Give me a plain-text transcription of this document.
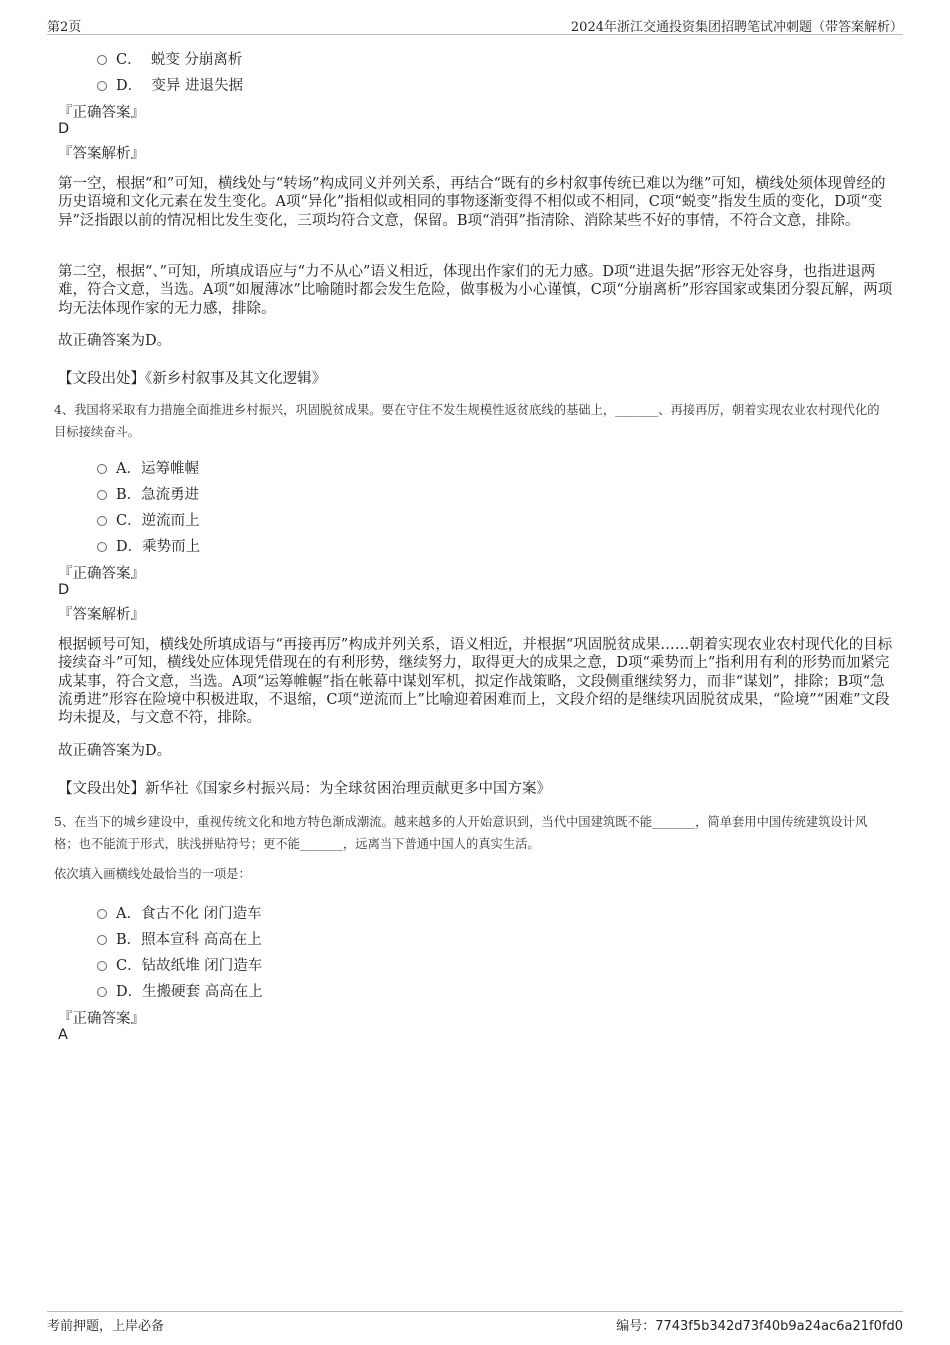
第2页	2024年浙江交通投资集团招聘笔试冲刺题（带答案解析）
C． 蜕变 分崩离析
D． 变异 进退失据
『正确答案』
D
『答案解析』
第一空，根据“和”可知，横线处与“转场”构成同义并列关系，再结合“既有的乡村叙事传统已难以为继”可知，横线处须体现曾经的历史语境和文化元素在发生变化。A项“异化”指相似或相同的事物逐渐变得不相似或不相同，C项“蜕变”指发生质的变化，D项“变异”泛指跟以前的情况相比发生变化，三项均符合文意，保留。B项“消弭”指清除、消除某些不好的事情，不符合文意，排除。
第二空，根据“、”可知，所填成语应与“力不从心”语义相近，体现出作家们的无力感。D项“进退失据”形容无处容身，也指进退两难，符合文意，当选。A项“如履薄冰”比喻随时都会发生危险，做事极为小心谨慎，C项“分崩离析”形容国家或集团分裂瓦解，两项均无法体现作家的无力感，排除。
故正确答案为D。
【文段出处】《新乡村叙事及其文化逻辑》
4、我国将采取有力措施全面推进乡村振兴，巩固脱贫成果。要在守住不发生规模性返贫底线的基础上，_______、再接再厉，朝着实现农业农村现代化的目标接续奋斗。
A．运筹帷幄
B．急流勇进
C．逆流而上
D．乘势而上
『正确答案』
D
『答案解析』
根据顿号可知，横线处所填成语与“再接再厉”构成并列关系，语义相近，并根据“巩固脱贫成果……朝着实现农业农村现代化的目标接续奋斗”可知，横线处应体现凭借现在的有利形势，继续努力，取得更大的成果之意，D项“乘势而上”指利用有利的形势而加紧完成某事，符合文意，当选。A项“运筹帷幄”指在帐幕中谋划军机，拟定作战策略，文段侧重继续努力，而非“谋划”，排除；B项“急流勇进”形容在险境中积极进取，不退缩，C项“逆流而上”比喻迎着困难而上，文段介绍的是继续巩固脱贫成果，“险境”“困难”文段均未提及，与文意不符，排除。
故正确答案为D。
【文段出处】新华社《国家乡村振兴局：为全球贫困治理贡献更多中国方案》
5、在当下的城乡建设中，重视传统文化和地方特色渐成潮流。越来越多的人开始意识到，当代中国建筑既不能_______，简单套用中国传统建筑设计风格；也不能流于形式，肤浅拼贴符号；更不能_______，远离当下普通中国人的真实生活。
依次填入画横线处最恰当的一项是：
A．食古不化 闭门造车
B．照本宣科 高高在上
C．钻故纸堆 闭门造车
D．生搬硬套 高高在上
『正确答案』
A
考前押题，上岸必备	编号：7743f5b342d73f40b9a24ac6a21f0fd0
